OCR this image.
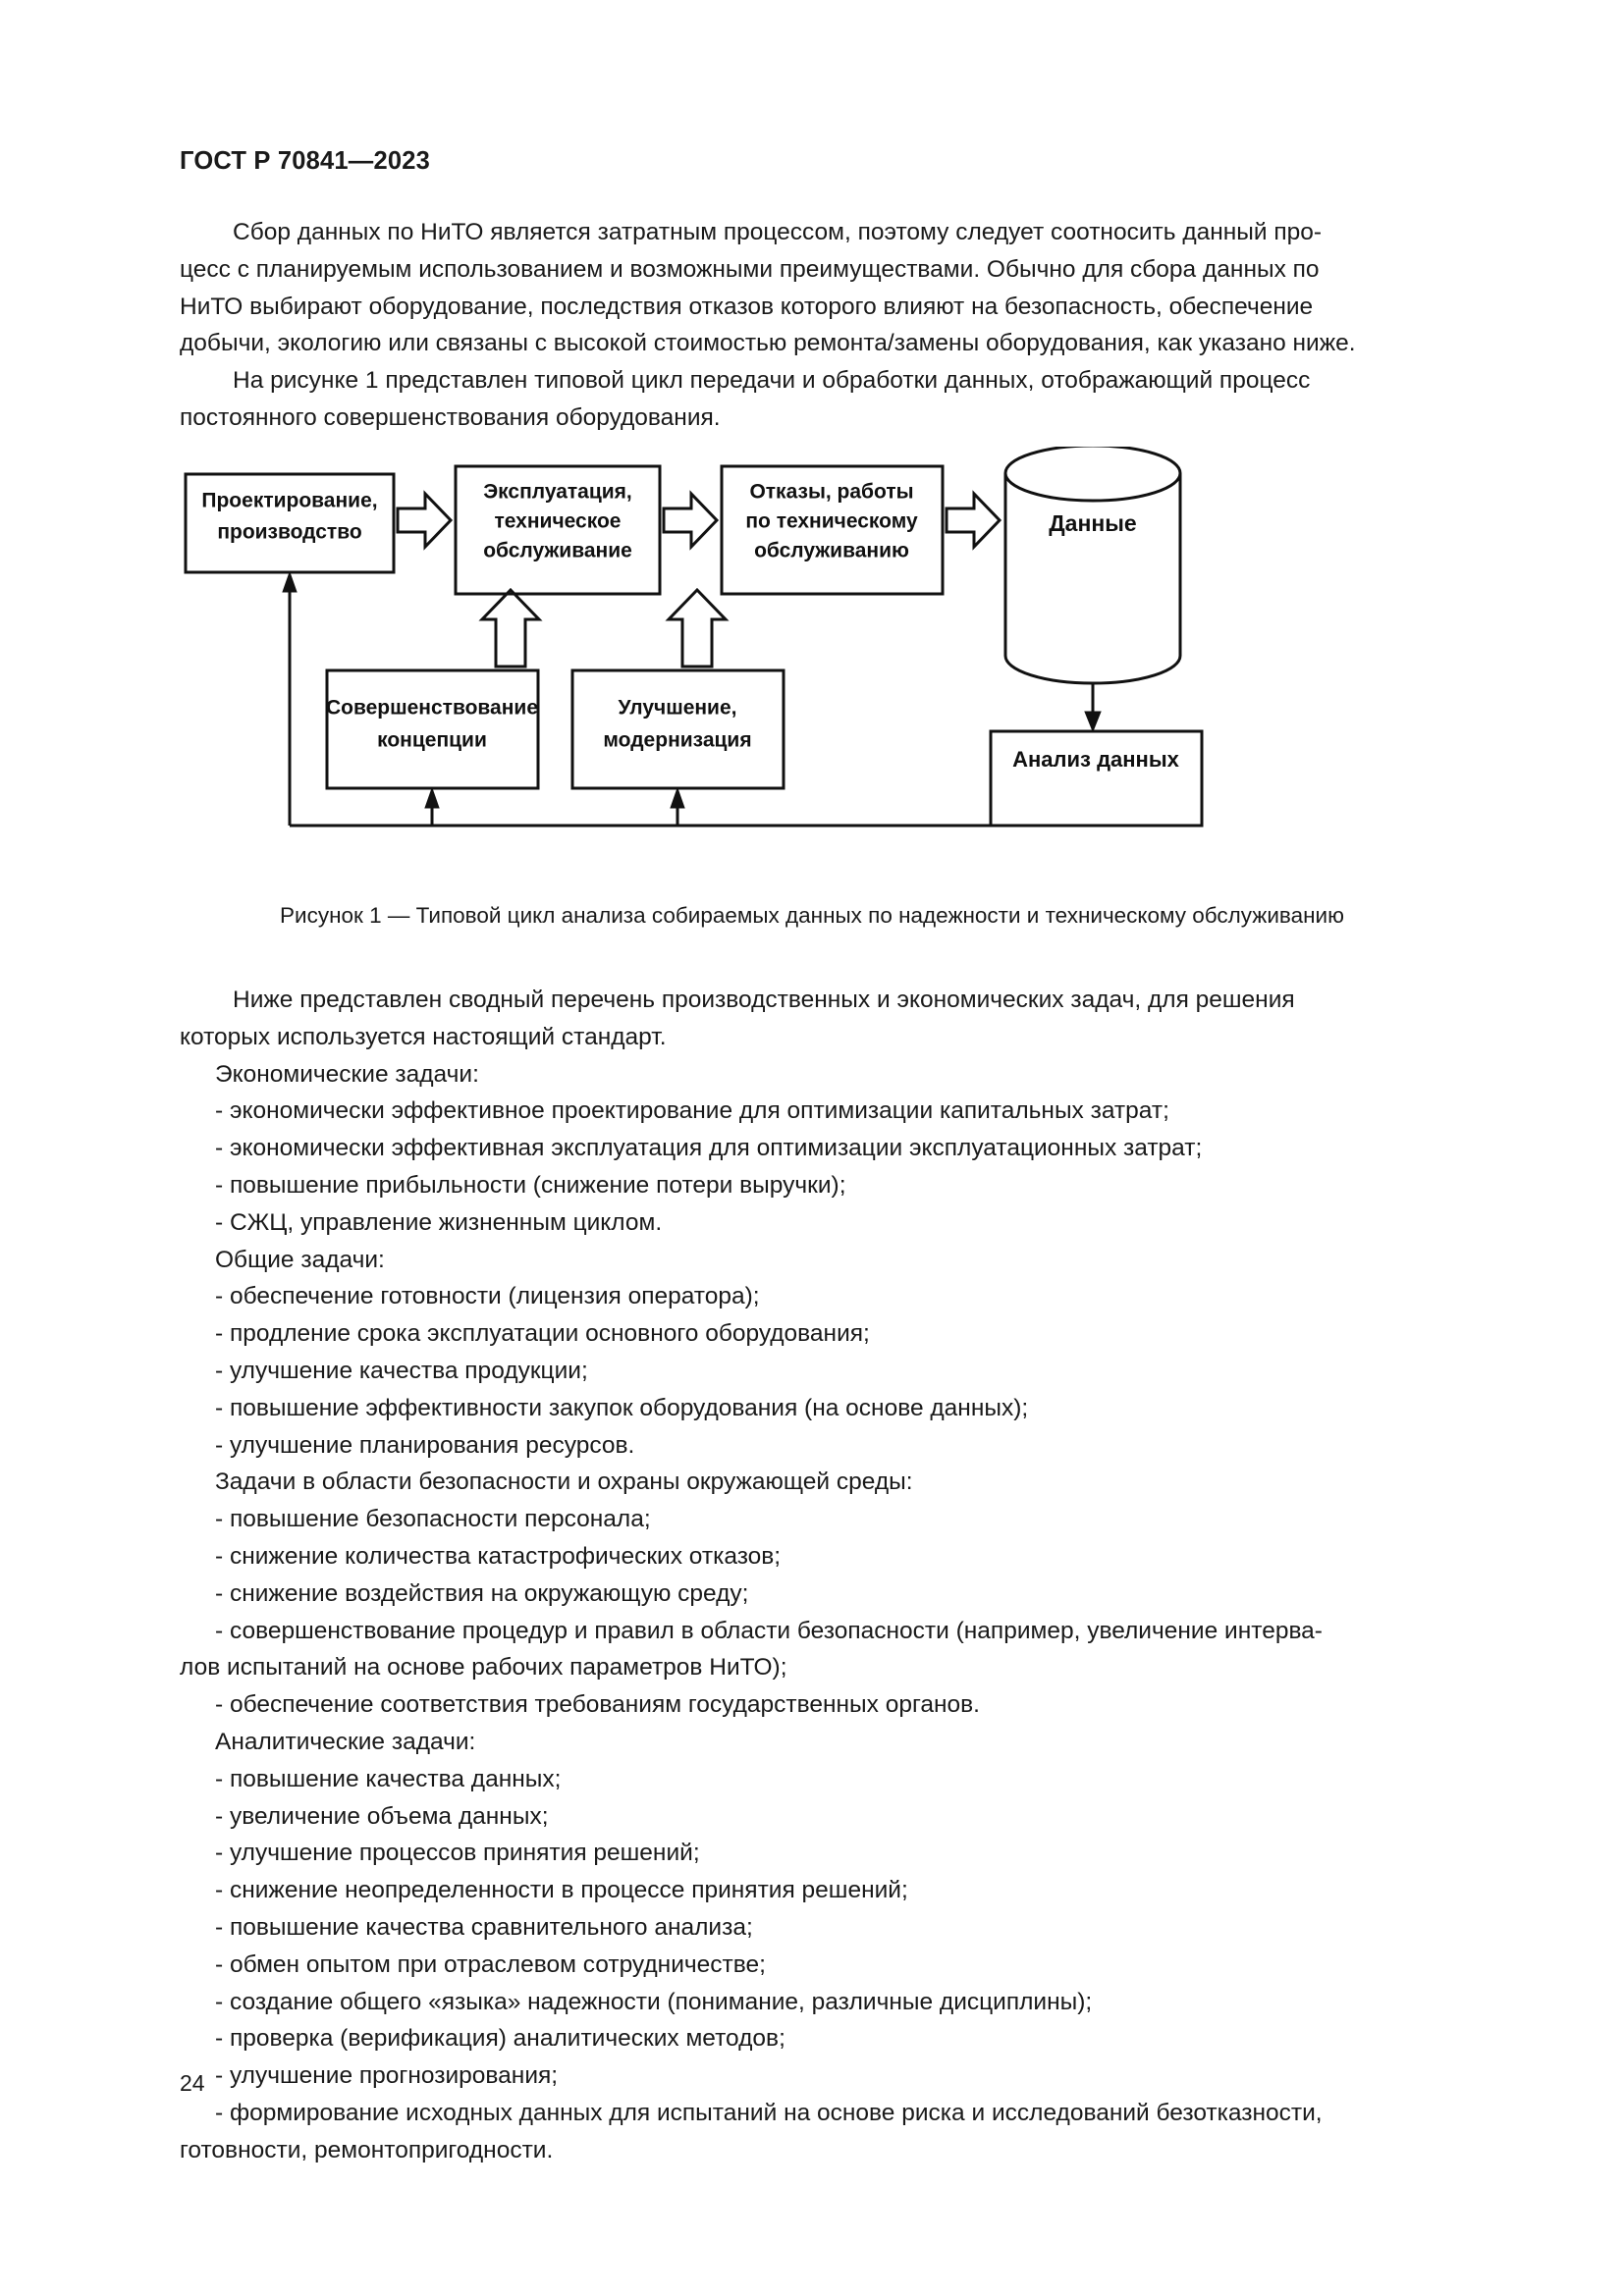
ГОСТ Р 70841—2023

Сбор данных по НиТО является затратным процессом, поэтому следует соотносить данный про-

цесс с планируемым использованием и возможными преимуществами. Обычно для сбора данных по

НиТО выбирают оборудование, последствия отказов которого влияют на безопасность, обеспечение

добычи, экологию или связаны с высокой стоимостью ремонта/замены оборудования, как указано ниже.

На рисунке 1 представлен типовой цикл передачи и обработки данных, отображающий процесс

постоянного совершенствования оборудования.

Проектирование,
производство
Эксплуатация,
техническое
обслуживание
Отказы, работы
по техническому
обслуживанию
Данные
Анализ данных
Совершенствование
концепции
Улучшение,
модернизация
Рисунок 1 — Типовой цикл анализа собираемых данных по надежности и техническому обслуживанию

Ниже представлен сводный перечень производственных и экономических задач, для решения

которых используется настоящий стандарт.

Экономические задачи:

- экономически эффективное проектирование для оптимизации капитальных затрат;

- экономически эффективная эксплуатация для оптимизации эксплуатационных затрат;

- повышение прибыльности (снижение потери выручки);

- СЖЦ, управление жизненным циклом.

Общие задачи:

- обеспечение готовности (лицензия оператора);

- продление срока эксплуатации основного оборудования;

- улучшение качества продукции;

- повышение эффективности закупок оборудования (на основе данных);

- улучшение планирования ресурсов.

Задачи в области безопасности и охраны окружающей среды:

- повышение безопасности персонала;

- снижение количества катастрофических отказов;

- снижение воздействия на окружающую среду;

- совершенствование процедур и правил в области безопасности (например, увеличение интерва-

лов испытаний на основе рабочих параметров НиТО);

- обеспечение соответствия требованиям государственных органов.

Аналитические задачи:

- повышение качества данных;

- увеличение объема данных;

- улучшение процессов принятия решений;

- снижение неопределенности в процессе принятия решений;

- повышение качества сравнительного анализа;

- обмен опытом при отраслевом сотрудничестве;

- создание общего «языка» надежности (понимание, различные дисциплины);

- проверка (верификация) аналитических методов;

- улучшение прогнозирования;

- формирование исходных данных для испытаний на основе риска и исследований безотказности,

готовности, ремонтопригодности.

24
